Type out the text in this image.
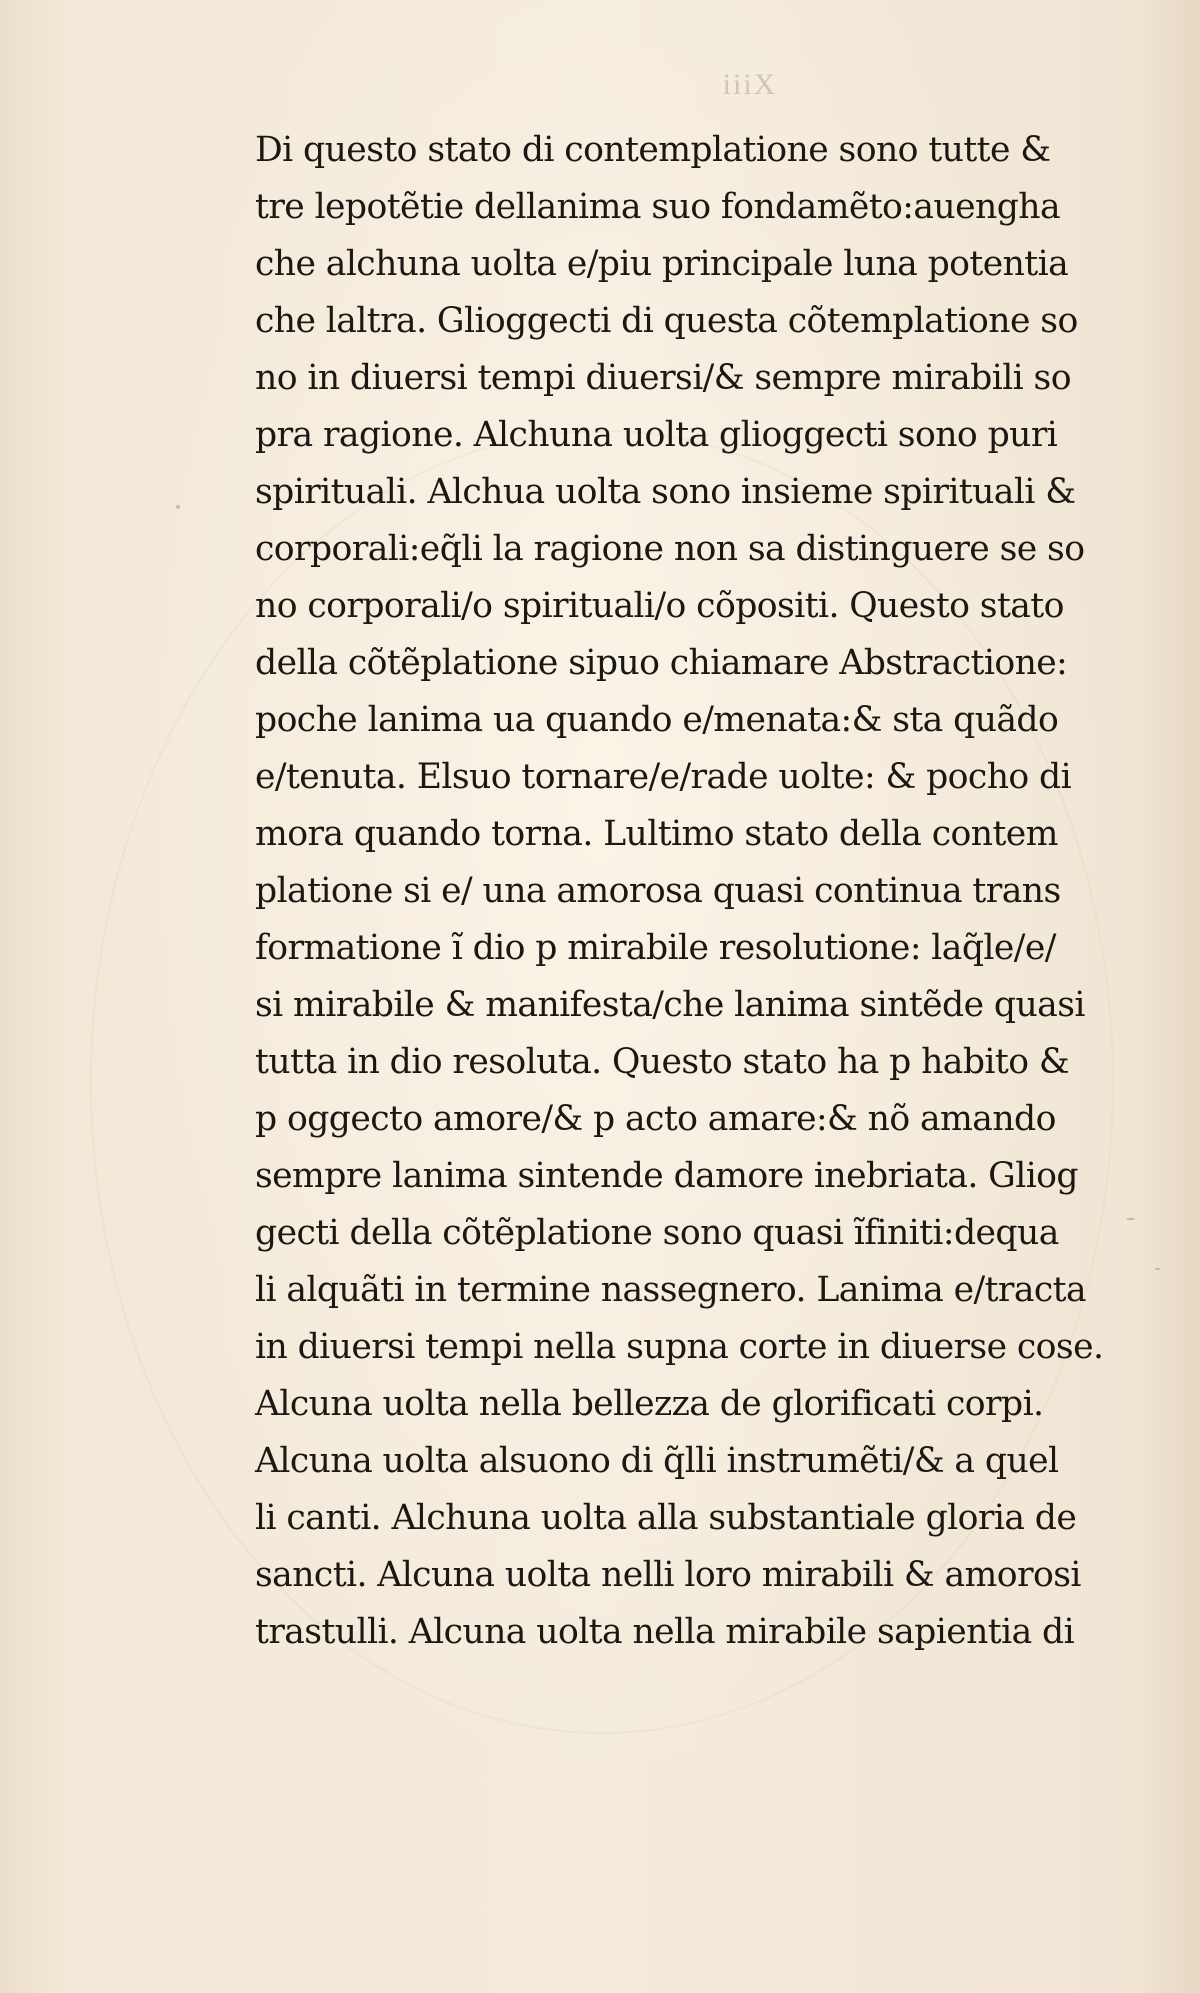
iiiX
Di questo stato di contemplatione sono tutte &
tre lepotẽtie dellanima suo fondamẽto:auengha
che alchuna uolta e/piu principale luna potentia
che laltra. Glioggecti di questa cõtemplatione so
no in diuersi tempi diuersi/& sempre mirabili so
pra ragione. Alchuna uolta glioggecti sono puri
spirituali. Alchua uolta sono insieme spirituali &
corporali:eq̃li la ragione non sa distinguere se so
no corporali/o spirituali/o cõpositi. Questo stato
della cõtẽplatione sipuo chiamare Abstractione:
poche lanima ua quando e/menata:& sta quãdo
e/tenuta. Elsuo tornare/e/rade uolte: & pocho di
mora quando torna. Lultimo stato della contem
platione si e/ una amorosa quasi continua trans
formatione ĩ dio p mirabile resolutione: laq̃le/e/
si mirabile & manifesta/che lanima sintẽde quasi
tutta in dio resoluta. Questo stato ha p habito &
p oggecto amore/& p acto amare:& nõ amando
sempre lanima sintende damore inebriata. Gliog
gecti della cõtẽplatione sono quasi ĩfiniti:dequa
li alquãti in termine nassegnero. Lanima e/tracta
in diuersi tempi nella supna corte in diuerse cose.
Alcuna uolta nella bellezza de glorificati corpi.
Alcuna uolta alsuono di q̃lli instrumẽti/& a quel
li canti. Alchuna uolta alla substantiale gloria de
sancti. Alcuna uolta nelli loro mirabili & amorosi
trastulli. Alcuna uolta nella mirabile sapientia di
